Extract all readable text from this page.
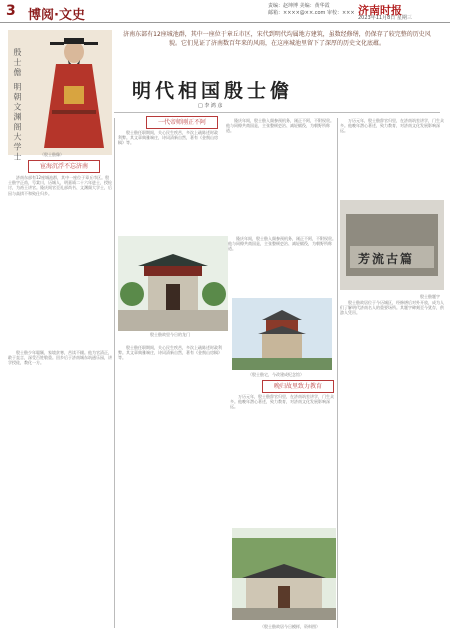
3 博阅·文史
责编：赵坤博 美编：黄华霞
邮箱：××××@××.com 审校：××× 济南时报
2023年11月8日 星期三
济南东部有12座城池群，其中一座位于章丘市区，宋代到明代均属地方建筑，虽数经修缮，仍保存了较完整的历史风貌。它们见证了济南数百年来的风雨，在这座城池里留下了深厚的历史文化底蕴。
殷士儋 明朝文渊阁大学士	（殷士儋像）
明代相国殷士儋
□ 李 鸿 彦
宦海沉浮不忘济南

济南东部有12座城池群，其中一座位于章丘市区。殷士儋字正甫，号棠川，历城人，明嘉靖二十六年进士，授检讨，为裕王讲官。隆庆间官至礼部尚书、文渊阁大学士，后因与高拱不和致仕归乡。

殷士儋少年聪颖，家境贫寒，苦读不辍。他为官清正，敢于直言，深受百姓敬重。回乡后于济南城东筑通乐园，讲学授徒，教化一方。

一代帝师刚正不阿

殷士儋任职期间，关心民生疾苦，多次上疏陈述时政利弊。其文章典雅端庄，诗词清新自然，著有《金舆山房稿》等。

隆庆年间，殷士儋入阁参预机务，刚正不阿，不附权贵。他与同僚共商国是，主张整顿吏治、减轻赋役，为朝野所称道。

殷士儋故里今日的龙门

隆庆年间，殷士儋入阁参预机务，刚正不阿，不附权贵。他与同僚共商国是，主张整顿吏治、减轻赋役，为朝野所称道。

（殷士儋宅，今改建成纪念馆）
晚归故里致力教育

殷士儋任职期间，关心民生疾苦，多次上疏陈述时政利弊。其文章典雅端庄，诗词清新自然，著有《金舆山房稿》等。

万历元年，殷士儋辞官归里，在济南筑室讲学，门生众多。他晚年潜心著述，致力教育，对济南文化发展影响深远。

万历元年，殷士儋辞官归里，在济南筑室讲学，门生众多。他晚年潜心著述，致力教育，对济南文化发展影响深远。

芳流古篇
殷士儋题字

殷士儋故居位于今历城区，经修缮后对外开放，成为人们了解明代济南名人的重要场所。其题字碑刻至今犹存，供游人凭吊。

（殷士儋故居今日模样，资料图）
